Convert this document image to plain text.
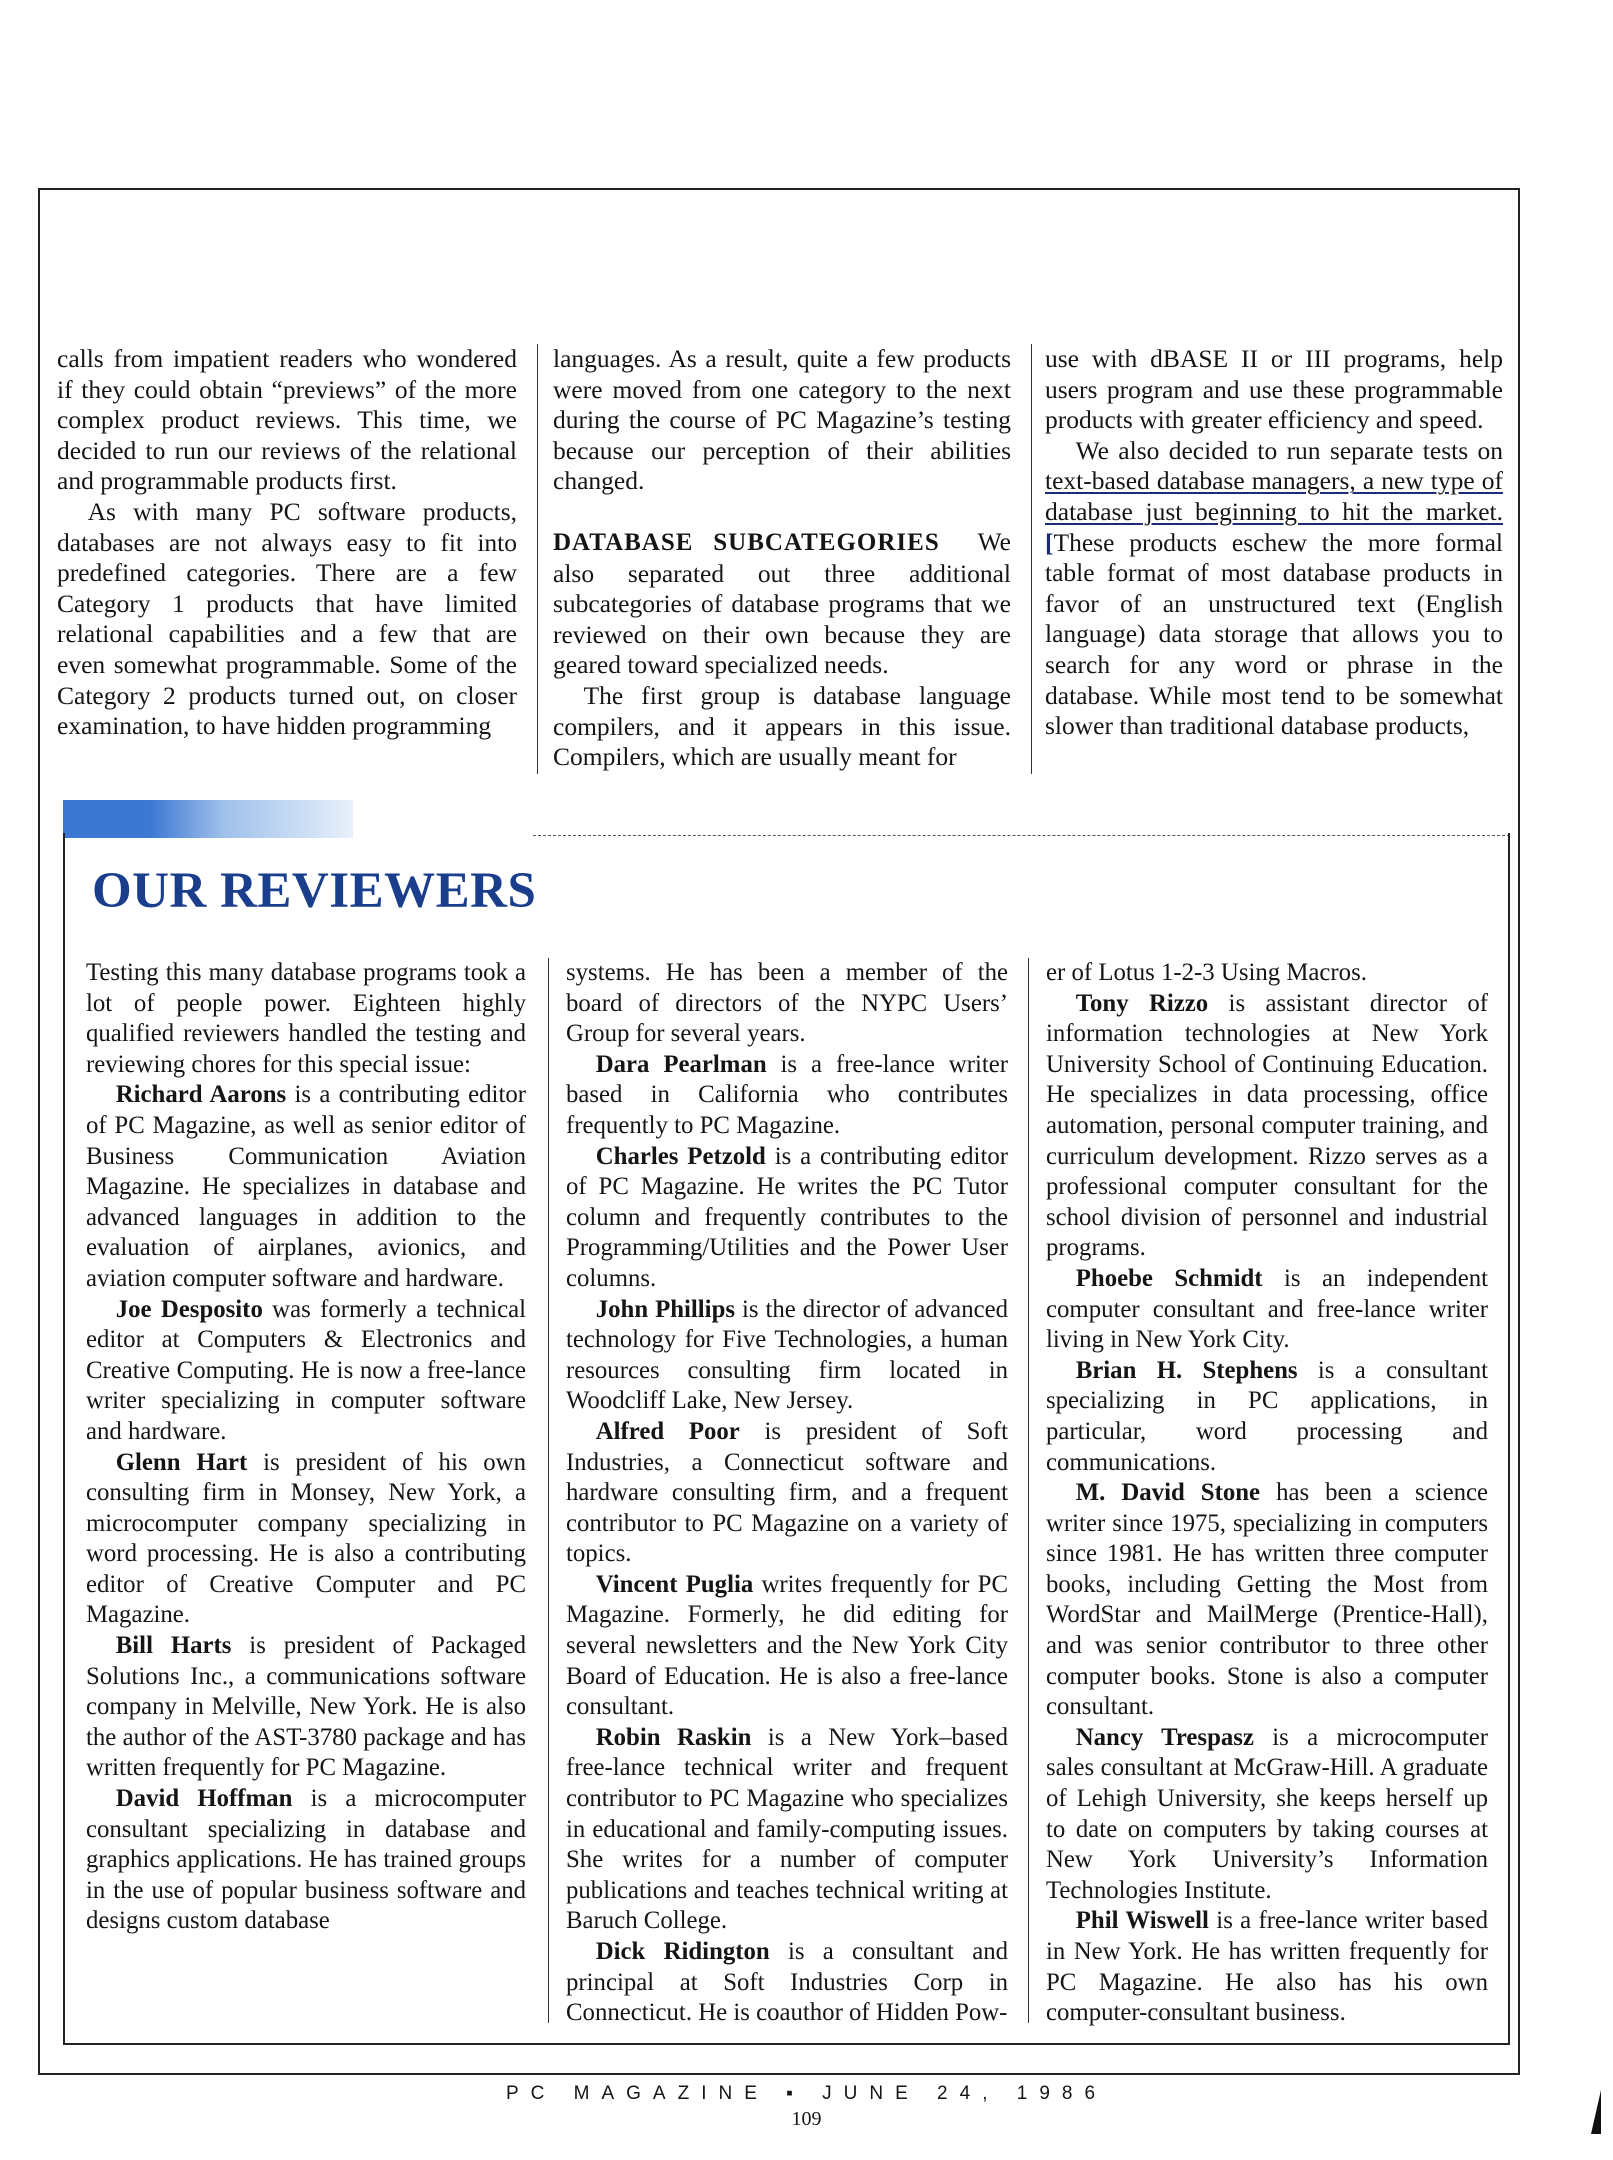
calls from impatient readers who wondered if they could obtain “previews” of the more complex product reviews. This time, we decided to run our reviews of the relational and programmable products first.

As with many PC software products, databases are not always easy to fit into predefined categories. There are a few Category 1 products that have limited relational capabilities and a few that are even somewhat programmable. Some of the Category 2 products turned out, on closer examination, to have hidden programming

languages. As a result, quite a few products were moved from one category to the next during the course of PC Magazine’s testing because our perception of their abilities changed.

DATABASE SUBCATEGORIES We also separated out three additional subcategories of database programs that we reviewed on their own because they are geared toward specialized needs.

The first group is database language compilers, and it appears in this issue. Compilers, which are usually meant for

use with dBASE II or III programs, help users program and use these programmable products with greater efficiency and speed.

We also decided to run separate tests on text-based database managers, a new type of database just beginning to hit the market.[These products eschew the more formal table format of most database products in favor of an unstructured text (English language) data storage that allows you to search for any word or phrase in the database. While most tend to be somewhat slower than traditional database products,

OUR REVIEWERS

Testing this many database programs took a lot of people power. Eighteen highly qualified reviewers handled the testing and reviewing chores for this special issue:

Richard Aarons is a contributing editor of PC Magazine, as well as senior editor of Business Communication Aviation Magazine. He specializes in database and advanced languages in addition to the evaluation of airplanes, avionics, and aviation computer software and hardware.

Joe Desposito was formerly a technical editor at Computers & Electronics and Creative Computing. He is now a free-lance writer specializing in computer software and hardware.

Glenn Hart is president of his own consulting firm in Monsey, New York, a microcomputer company specializing in word processing. He is also a contributing editor of Creative Computer and PC Magazine.

Bill Harts is president of Packaged Solutions Inc., a communications software company in Melville, New York. He is also the author of the AST-3780 package and has written frequently for PC Magazine.

David Hoffman is a microcomputer consultant specializing in database and graphics applications. He has trained groups in the use of popular business software and designs custom database

systems. He has been a member of the board of directors of the NYPC Users’ Group for several years.

Dara Pearlman is a free-lance writer based in California who contributes frequently to PC Magazine.

Charles Petzold is a contributing editor of PC Magazine. He writes the PC Tutor column and frequently contributes to the Programming/Utilities and the Power User columns.

John Phillips is the director of advanced technology for Five Technologies, a human resources consulting firm located in Woodcliff Lake, New Jersey.

Alfred Poor is president of Soft Industries, a Connecticut software and hardware consulting firm, and a frequent contributor to PC Magazine on a variety of topics.

Vincent Puglia writes frequently for PC Magazine. Formerly, he did editing for several newsletters and the New York City Board of Education. He is also a free-lance consultant.

Robin Raskin is a New York–based free-lance technical writer and frequent contributor to PC Magazine who specializes in educational and family-computing issues. She writes for a number of computer publications and teaches technical writing at Baruch College.

Dick Ridington is a consultant and principal at Soft Industries Corp in Connecticut. He is coauthor of Hidden Pow-

er of Lotus 1-2-3 Using Macros.

Tony Rizzo is assistant director of information technologies at New York University School of Continuing Education. He specializes in data processing, office automation, personal computer training, and curriculum development. Rizzo serves as a professional computer consultant for the school division of personnel and industrial programs.

Phoebe Schmidt is an independent computer consultant and free-lance writer living in New York City.

Brian H. Stephens is a consultant specializing in PC applications, in particular, word processing and communications.

M. David Stone has been a science writer since 1975, specializing in computers since 1981. He has written three computer books, including Getting the Most from WordStar and MailMerge (Prentice-Hall), and was senior contributor to three other computer books. Stone is also a computer consultant.

Nancy Trespasz is a microcomputer sales consultant at McGraw-Hill. A graduate of Lehigh University, she keeps herself up to date on computers by taking courses at New York University’s Information Technologies Institute.

Phil Wiswell is a free-lance writer based in New York. He has written frequently for PC Magazine. He also has his own computer-consultant business.

PC MAGAZINE ▪ JUNE 24, 1986
109
